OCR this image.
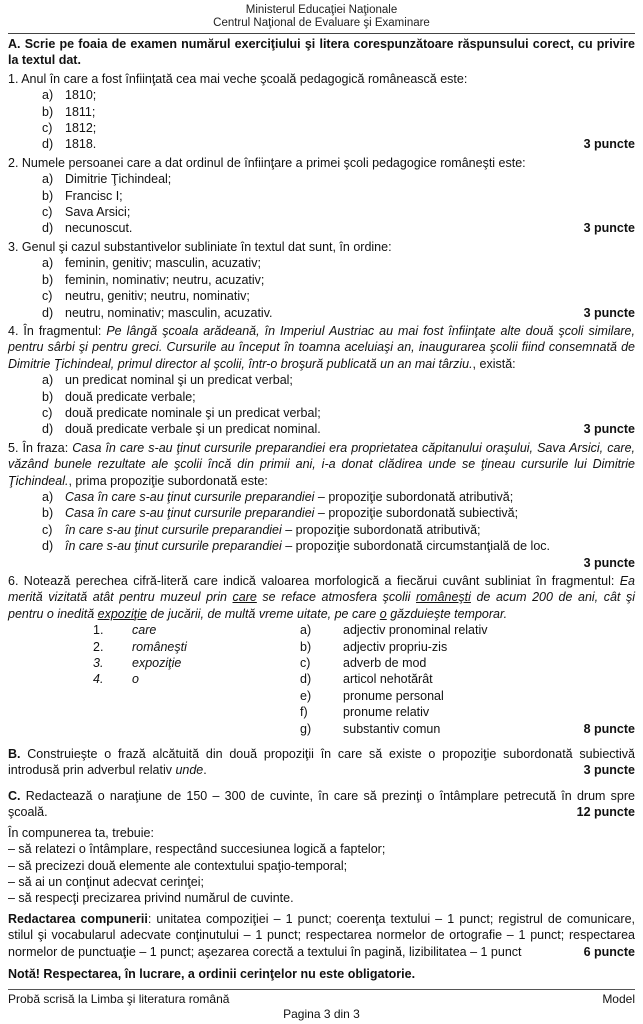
Ministerul Educaţiei Naţionale
Centrul Naţional de Evaluare şi Examinare

A. Scrie pe foaia de examen numărul exerciţiului şi litera corespunzătoare răspunsului corect, cu privire la textul dat.

1. Anul în care a fost înfiinţată cea mai veche şcoală pedagogică românească este:

a) 1810;
b) 1811;
c)	1812;
d) 1818.	3 puncte

2. Numele persoanei care a dat ordinul de înfiinţare a primei şcoli pedagogice româneşti este:

a) Dimitrie Ţichindeal;
b) Francisc I;
c)	Sava Arsici;
d) necunoscut.	3 puncte

3. Genul şi cazul substantivelor subliniate în textul dat sunt, în ordine:

a) feminin, genitiv; masculin, acuzativ;
b) feminin, nominativ; neutru, acuzativ;
c)	neutru, genitiv; neutru, nominativ;
d) neutru, nominativ; masculin, acuzativ.	3 puncte

4. În fragmentul: Pe lângă şcoala arădeană, în Imperiul Austriac au mai fost înfiinţate alte două şcoli similare, pentru sârbi şi pentru greci. Cursurile au început în toamna aceluiaşi an, inaugurarea şcolii fiind consemnată de Dimitrie Ţichindeal, primul director al şcolii, într-o broşură publicată un an mai târziu., există:

a) un predicat nominal şi un predicat verbal;
b) două predicate verbale;
c)	două predicate nominale şi un predicat verbal;
d) două predicate verbale şi un predicat nominal.	3 puncte

5. În fraza: Casa în care s-au ţinut cursurile preparandiei era proprietatea căpitanului oraşului, Sava Arsici, care, văzând bunele rezultate ale şcolii încă din primii ani, i-a donat clădirea unde se ţineau cursurile lui Dimitrie Ţichindeal., prima propoziţie subordonată este:

a) Casa în care s-au ţinut cursurile preparandiei – propoziţie subordonată atributivă;
b) Casa în care s-au ţinut cursurile preparandiei – propoziţie subordonată subiectivă;
c)	în care s-au ţinut cursurile preparandiei – propoziţie subordonată atributivă;
d) în care s-au ţinut cursurile preparandiei – propoziţie subordonată circumstanţială de loc.
3 puncte

6. Notează perechea cifră-literă care indică valoarea morfologică a fiecărui cuvânt subliniat în fragmentul: Ea merită vizitată atât pentru muzeul prin care se reface atmosfera şcolii româneşti de acum 200 de ani, cât şi pentru o inedită expoziţie de jucării, de multă vreme uitate, pe care o găzduieşte temporar.

1.	care	a)	adjectiv pronominal relativ
2.	româneşti	b)	adjectiv propriu-zis
3.	expoziţie	c)	adverb de mod
4.	o	d)	articol nehotărât
e)	pronume personal
f)	pronume relativ
g)	substantiv comun	8 puncte

B. Construieşte o frază alcătuită din două propoziţii în care să existe o propoziţie subordonată subiectivă introdusă prin adverbul relativ unde.	3 puncte

C. Redactează o naraţiune de 150 – 300 de cuvinte, în care să prezinţi o întâmplare petrecută în drum spre şcoală.	12 puncte

În compunerea ta, trebuie:

– să relatezi o întâmplare, respectând succesiunea logică a faptelor;

– să precizezi două elemente ale contextului spaţio-temporal;

– să ai un conţinut adecvat cerinţei;

– să respecţi precizarea privind numărul de cuvinte.

Redactarea compunerii: unitatea compoziţiei – 1 punct; coerenţa textului – 1 punct; registrul de comunicare, stilul şi vocabularul adecvate conţinutului – 1 punct; respectarea normelor de ortografie – 1 punct; respectarea normelor de punctuaţie – 1 punct; aşezarea corectă a textului în pagină, lizibilitatea – 1 punct	6 puncte

Notă! Respectarea, în lucrare, a ordinii cerinţelor nu este obligatorie.

Probă scrisă la Limba şi literatura română	Model
Pagina 3 din 3
